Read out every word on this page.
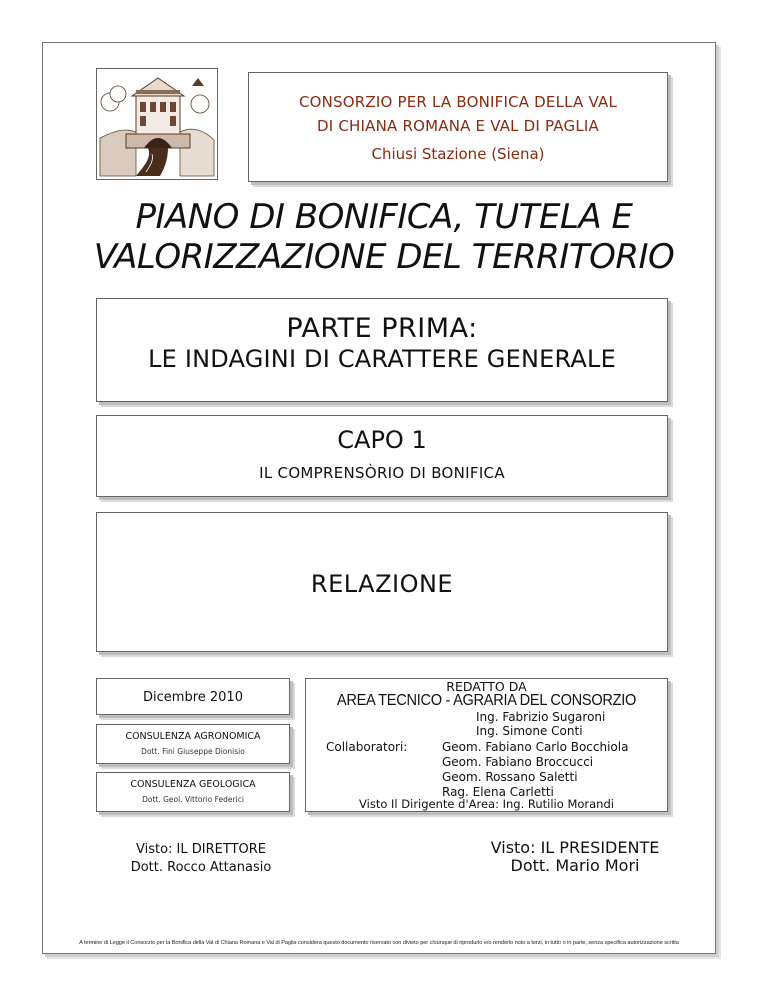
CONSORZIO PER LA BONIFICA DELLA VAL
DI CHIANA ROMANA E VAL DI PAGLIA
Chiusi Stazione (Siena)
PIANO DI BONIFICA, TUTELA E
VALORIZZAZIONE DEL TERRITORIO
PARTE PRIMA:
LE INDAGINI DI CARATTERE GENERALE
CAPO 1
IL COMPRENSÒRIO DI BONIFICA
RELAZIONE
Dicembre 2010
CONSULENZA AGRONOMICA
Dott. Fini Giuseppe Dionisio
CONSULENZA GEOLOGICA
Dott. Geol. Vittorio Federici
REDATTO DA
AREA TECNICO - AGRARIA DEL CONSORZIO
Ing. Fabrizio Sugaroni
Ing. Simone Conti
Collaboratori:	Geom. Fabiano Carlo Bocchiola
Geom. Fabiano Broccucci
Geom. Rossano Saletti
Rag. Elena Carletti
Visto Il Dirigente d'Area: Ing. Rutilio Morandi
Visto: IL DIRETTORE
Dott. Rocco Attanasio
Visto: IL PRESIDENTE
Dott. Mario Mori
A termine di Legge il Consorzio per la Bonifica della Val di Chiana Romana e Val di Paglia considera questo documento riservato con divieto per chiunque di riprodurlo e/o renderlo noto a terzi, in tutto o in parte, senza specifica autorizzazione scritta
